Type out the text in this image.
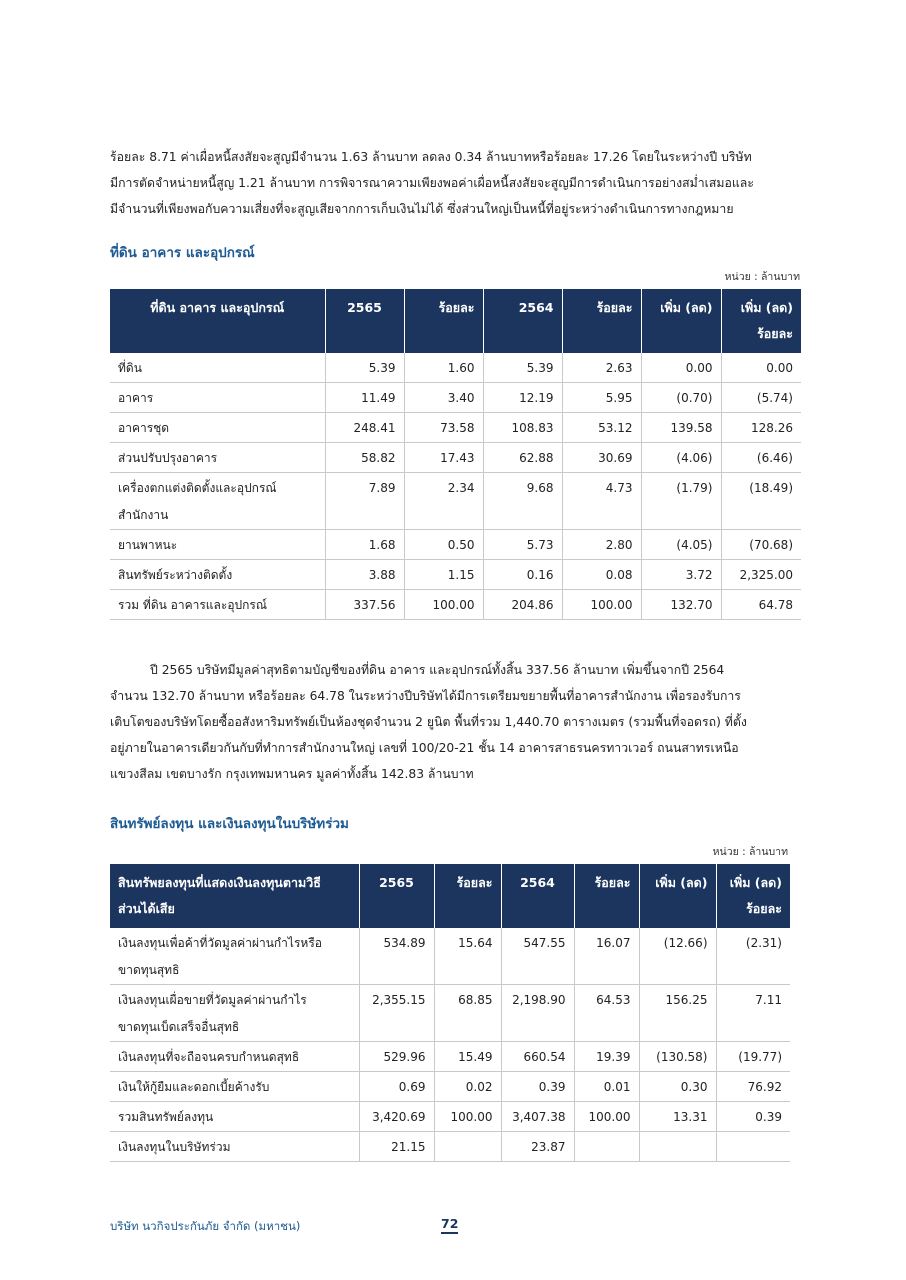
ร้อยละ 8.71 ค่าเผื่อหนี้สงสัยจะสูญมีจำนวน 1.63 ล้านบาท ลดลง 0.34 ล้านบาทหรือร้อยละ 17.26 โดยในระหว่างปี บริษัท
มีการตัดจำหน่ายหนี้สูญ 1.21 ล้านบาท การพิจารณาความเพียงพอค่าเผื่อหนี้สงสัยจะสูญมีการดำเนินการอย่างสม่ำเสมอและ
มีจำนวนที่เพียงพอกับความเสี่ยงที่จะสูญเสียจากการเก็บเงินไม่ได้ ซึ่งส่วนใหญ่เป็นหนี้ที่อยู่ระหว่างดำเนินการทางกฎหมาย
ที่ดิน อาคาร และอุปกรณ์
หน่วย : ล้านบาท
ที่ดิน อาคาร และอุปกรณ์	2565	ร้อยละ	2564	ร้อยละ	เพิ่ม (ลด)	เพิ่ม (ลด)
ร้อยละ
ที่ดิน	5.39	1.60	5.39	2.63	0.00	0.00
อาคาร	11.49	3.40	12.19	5.95	(0.70)	(5.74)
อาคารชุด	248.41	73.58	108.83	53.12	139.58	128.26
ส่วนปรับปรุงอาคาร	58.82	17.43	62.88	30.69	(4.06)	(6.46)
เครื่องตกแต่งติดตั้งและอุปกรณ์
สำนักงาน	7.89	2.34	9.68	4.73	(1.79)	(18.49)
ยานพาหนะ	1.68	0.50	5.73	2.80	(4.05)	(70.68)
สินทรัพย์ระหว่างติดตั้ง	3.88	1.15	0.16	0.08	3.72	2,325.00
รวม ที่ดิน อาคารและอุปกรณ์	337.56	100.00	204.86	100.00	132.70	64.78
ปี 2565 บริษัทมีมูลค่าสุทธิตามบัญชีของที่ดิน อาคาร และอุปกรณ์ทั้งสิ้น 337.56 ล้านบาท เพิ่มขึ้นจากปี 2564
จำนวน 132.70 ล้านบาท หรือร้อยละ 64.78 ในระหว่างปีบริษัทได้มีการเตรียมขยายพื้นที่อาคารสำนักงาน เพื่อรองรับการ
เติบโตของบริษัทโดยซื้ออสังหาริมทรัพย์เป็นห้องชุดจำนวน 2 ยูนิต พื้นที่รวม 1,440.70 ตารางเมตร (รวมพื้นที่จอดรถ) ที่ตั้ง
อยู่ภายในอาคารเดียวกันกับที่ทำการสำนักงานใหญ่ เลขที่ 100/20-21 ชั้น 14 อาคารสาธรนครทาวเวอร์ ถนนสาทรเหนือ
แขวงสีลม เขตบางรัก กรุงเทพมหานคร มูลค่าทั้งสิ้น 142.83 ล้านบาท
สินทรัพย์ลงทุน และเงินลงทุนในบริษัทร่วม
หน่วย : ล้านบาท
สินทรัพยลงทุนที่แสดงเงินลงทุนตามวิธี
ส่วนได้เสีย	2565	ร้อยละ	2564	ร้อยละ	เพิ่ม (ลด)	เพิ่ม (ลด)
ร้อยละ
เงินลงทุนเพื่อค้าที่วัดมูลค่าผ่านกำไรหรือ
ขาดทุนสุทธิ	534.89	15.64	547.55	16.07	(12.66)	(2.31)
เงินลงทุนเผื่อขายที่วัดมูลค่าผ่านกำไร
ขาดทุนเบ็ดเสร็จอื่นสุทธิ	2,355.15	68.85	2,198.90	64.53	156.25	7.11
เงินลงทุนที่จะถือจนครบกำหนดสุทธิ	529.96	15.49	660.54	19.39	(130.58)	(19.77)
เงินให้กู้ยืมและดอกเบี้ยค้างรับ	0.69	0.02	0.39	0.01	0.30	76.92
รวมสินทรัพย์ลงทุน	3,420.69	100.00	3,407.38	100.00	13.31	0.39
เงินลงทุนในบริษัทร่วม	21.15		23.87			
บริษัท นวกิจประกันภัย จำกัด (มหาชน)	72
